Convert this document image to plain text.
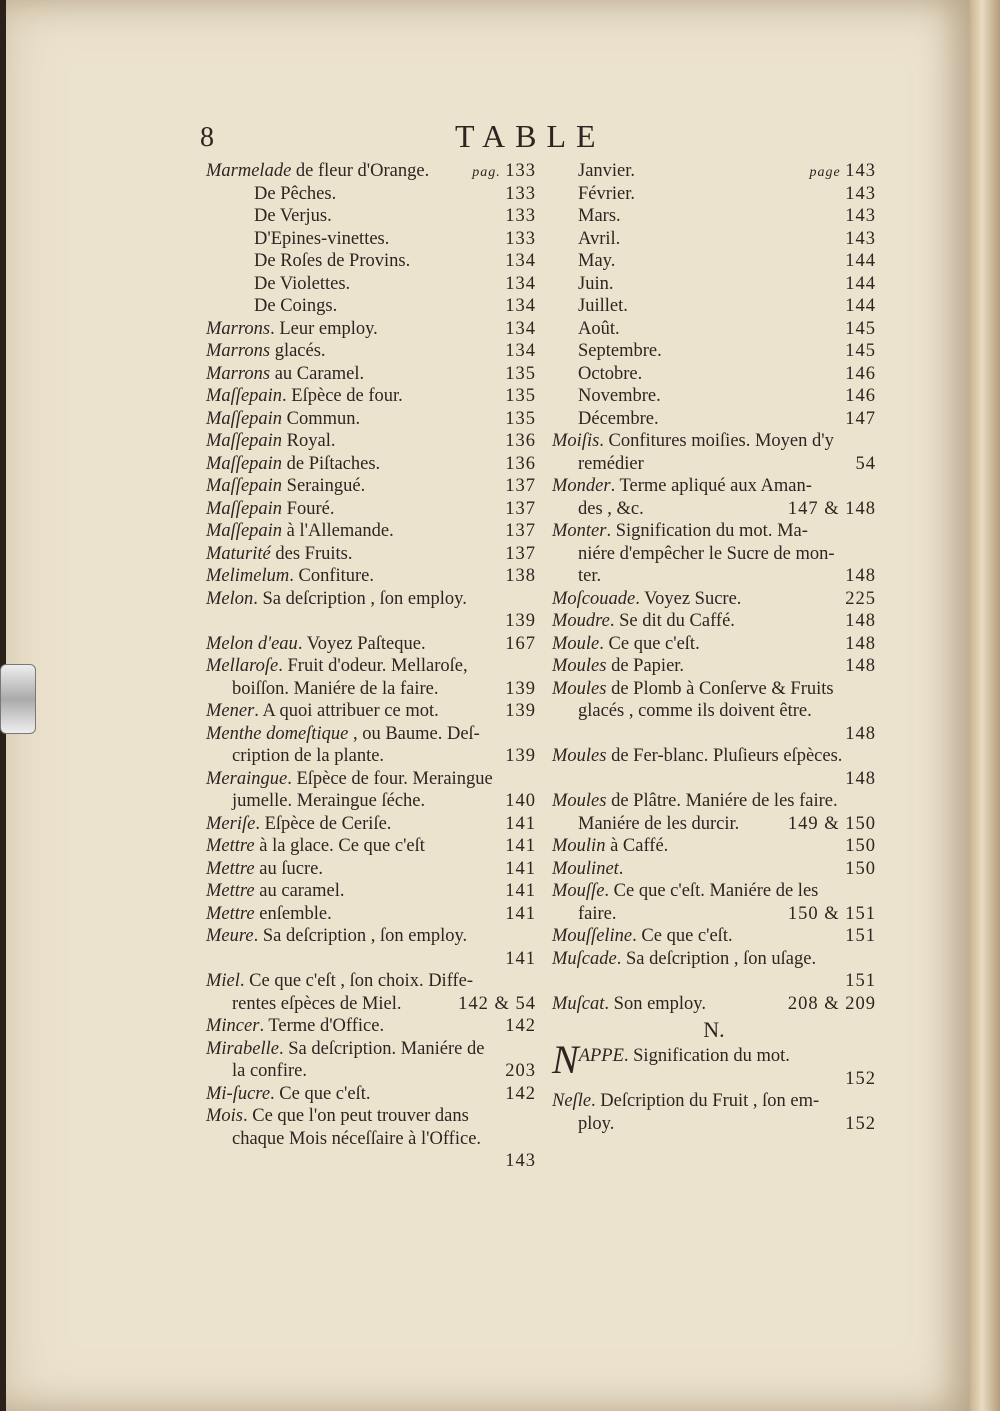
8	TABLE
Marmelade de fleur d'Orange.	pag. 133
De Pêches.	133
De Verjus.	133
D'Epines-vinettes.	133
De Roſes de Provins.	134
De Violettes.	134
De Coings.	134
Marrons. Leur employ.	134
Marrons glacés.	134
Marrons au Caramel.	135
Maſſepain. Eſpèce de four.	135
Maſſepain Commun.	135
Maſſepain Royal.	136
Maſſepain de Piſtaches.	136
Maſſepain Seraingué.	137
Maſſepain Fouré.	137
Maſſepain à l'Allemande.	137
Maturité des Fruits.	137
Melimelum. Confiture.	138
Melon. Sa deſcription , ſon employ.
139
Melon d'eau. Voyez Paſteque.	167
Mellaroſe. Fruit d'odeur. Mellaroſe,
boiſſon. Maniére de la faire.	139
Mener. A quoi attribuer ce mot.	139
Menthe domeſtique , ou Baume. Deſ-
cription de la plante.	139
Meraingue. Eſpèce de four. Meraingue
jumelle. Meraingue ſéche.	140
Meriſe. Eſpèce de Ceriſe.	141
Mettre à la glace. Ce que c'eſt	141
Mettre au ſucre.	141
Mettre au caramel.	141
Mettre enſemble.	141
Meure. Sa deſcription , ſon employ.
141
Miel. Ce que c'eſt , ſon choix. Diffe-
rentes eſpèces de Miel.	142 & 54
Mincer. Terme d'Office.	142
Mirabelle. Sa deſcription. Maniére de
la confire.	203
Mi-ſucre. Ce que c'eſt.	142
Mois. Ce que l'on peut trouver dans
chaque Mois néceſſaire à l'Office.
143
Janvier.	page 143
Février.	143
Mars.	143
Avril.	143
May.	144
Juin.	144
Juillet.	144
Août.	145
Septembre.	145
Octobre.	146
Novembre.	146
Décembre.	147
Moiſis. Confitures moiſies. Moyen d'y
remédier	54
Monder. Terme apliqué aux Aman-
des , &c.	147 & 148
Monter. Signification du mot. Ma-
niére d'empêcher le Sucre de mon-
ter.	148
Moſcouade. Voyez Sucre.	225
Moudre. Se dit du Caffé.	148
Moule. Ce que c'eſt.	148
Moules de Papier.	148
Moules de Plomb à Conſerve & Fruits
glacés , comme ils doivent être.
148
Moules de Fer-blanc. Pluſieurs eſpèces.
148
Moules de Plâtre. Maniére de les faire.
Maniére de les durcir.	149 & 150
Moulin à Caffé.	150
Moulinet.	150
Mouſſe. Ce que c'eſt. Maniére de les
faire.	150 & 151
Mouſſeline. Ce que c'eſt.	151
Muſcade. Sa deſcription , ſon uſage.
151
Muſcat. Son employ.	208 & 209
N.
NAPPE. Signification du mot.
152
Neſle. Deſcription du Fruit , ſon em-
ploy.	152
